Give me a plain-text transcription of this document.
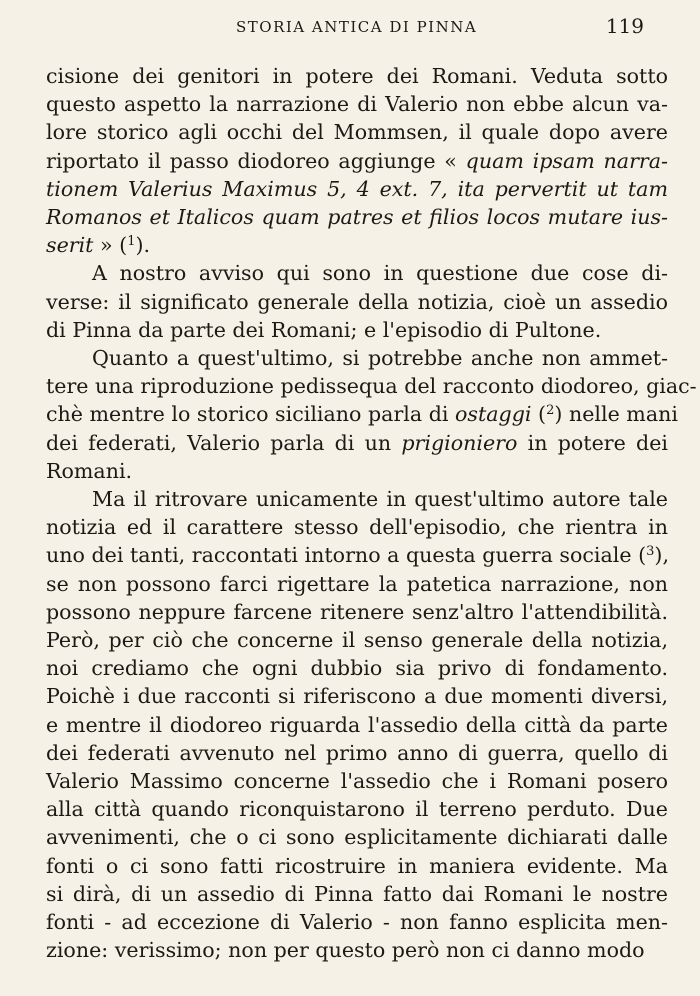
STORIA ANTICA DI PINNA	119

cisione dei genitori in potere dei Romani. Veduta sotto
questo aspetto la narrazione di Valerio non ebbe alcun va-
lore storico agli occhi del Mommsen, il quale dopo avere
riportato il passo diodoreo aggiunge « quam ipsam narra-
tionem Valerius Maximus 5, 4 ext. 7, ita pervertit ut tam
Romanos et Italicos quam patres et filios locos mutare ius-
serit » ($^1$).

A nostro avviso qui sono in questione due cose di-
verse: il significato generale della notizia, cioè un assedio
di Pinna da parte dei Romani; e l'episodio di Pultone.

Quanto a quest'ultimo, si potrebbe anche non ammet-
tere una riproduzione pedissequa del racconto diodoreo, giac-
chè mentre lo storico siciliano parla di ostaggi ($^2$) nelle mani
dei federati, Valerio parla di un prigioniero in potere dei
Romani.

Ma il ritrovare unicamente in quest'ultimo autore tale
notizia ed il carattere stesso dell'episodio, che rientra in
uno dei tanti, raccontati intorno a questa guerra sociale ($^3$),
se non possono farci rigettare la patetica narrazione, non
possono neppure farcene ritenere senz'altro l'attendibilità.
Però, per ciò che concerne il senso generale della notizia,
noi crediamo che ogni dubbio sia privo di fondamento.
Poichè i due racconti si riferiscono a due momenti diversi,
e mentre il diodoreo riguarda l'assedio della città da parte
dei federati avvenuto nel primo anno di guerra, quello di
Valerio Massimo concerne l'assedio che i Romani posero
alla città quando riconquistarono il terreno perduto. Due
avvenimenti, che o ci sono esplicitamente dichiarati dalle
fonti o ci sono fatti ricostruire in maniera evidente. Ma
si dirà, di un assedio di Pinna fatto dai Romani le nostre
fonti - ad eccezione di Valerio - non fanno esplicita men-
zione: verissimo; non per questo però non ci danno modo
